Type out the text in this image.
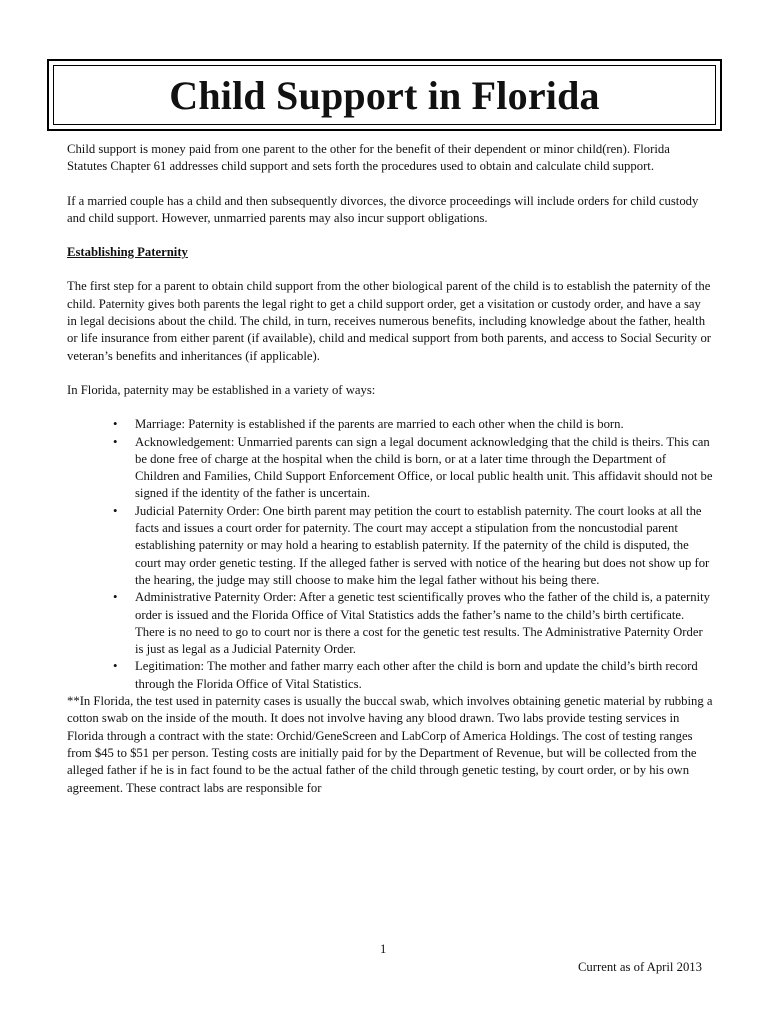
Child Support in Florida

Child support is money paid from one parent to the other for the benefit of their dependent or minor child(ren). Florida Statutes Chapter 61 addresses child support and sets forth the procedures used to obtain and calculate child support.

If a married couple has a child and then subsequently divorces, the divorce proceedings will include orders for child custody and child support. However, unmarried parents may also incur support obligations.

Establishing Paternity

The first step for a parent to obtain child support from the other biological parent of the child is to establish the paternity of the child. Paternity gives both parents the legal right to get a child support order, get a visitation or custody order, and have a say in legal decisions about the child. The child, in turn, receives numerous benefits, including knowledge about the father, health or life insurance from either parent (if available), child and medical support from both parents, and access to Social Security or veteran’s benefits and inheritances (if applicable).

In Florida, paternity may be established in a variety of ways:

• Marriage: Paternity is established if the parents are married to each other when the child is born.
• Acknowledgement: Unmarried parents can sign a legal document acknowledging that the child is theirs. This can be done free of charge at the hospital when the child is born, or at a later time through the Department of Children and Families, Child Support Enforcement Office, or local public health unit. This affidavit should not be signed if the identity of the father is uncertain.
• Judicial Paternity Order: One birth parent may petition the court to establish paternity. The court looks at all the facts and issues a court order for paternity. The court may accept a stipulation from the noncustodial parent establishing paternity or may hold a hearing to establish paternity. If the paternity of the child is disputed, the court may order genetic testing. If the alleged father is served with notice of the hearing but does not show up for the hearing, the judge may still choose to make him the legal father without his being there.
• Administrative Paternity Order: After a genetic test scientifically proves who the father of the child is, a paternity order is issued and the Florida Office of Vital Statistics adds the father’s name to the child’s birth certificate. There is no need to go to court nor is there a cost for the genetic test results. The Administrative Paternity Order is just as legal as a Judicial Paternity Order.
• Legitimation: The mother and father marry each other after the child is born and update the child’s birth record through the Florida Office of Vital Statistics.

**In Florida, the test used in paternity cases is usually the buccal swab, which involves obtaining genetic material by rubbing a cotton swab on the inside of the mouth. It does not involve having any blood drawn. Two labs provide testing services in Florida through a contract with the state: Orchid/GeneScreen and LabCorp of America Holdings. The cost of testing ranges from $45 to $51 per person. Testing costs are initially paid for by the Department of Revenue, but will be collected from the alleged father if he is in fact found to be the actual father of the child through genetic testing, by court order, or by his own agreement. These contract labs are responsible for

1
Current as of April 2013
